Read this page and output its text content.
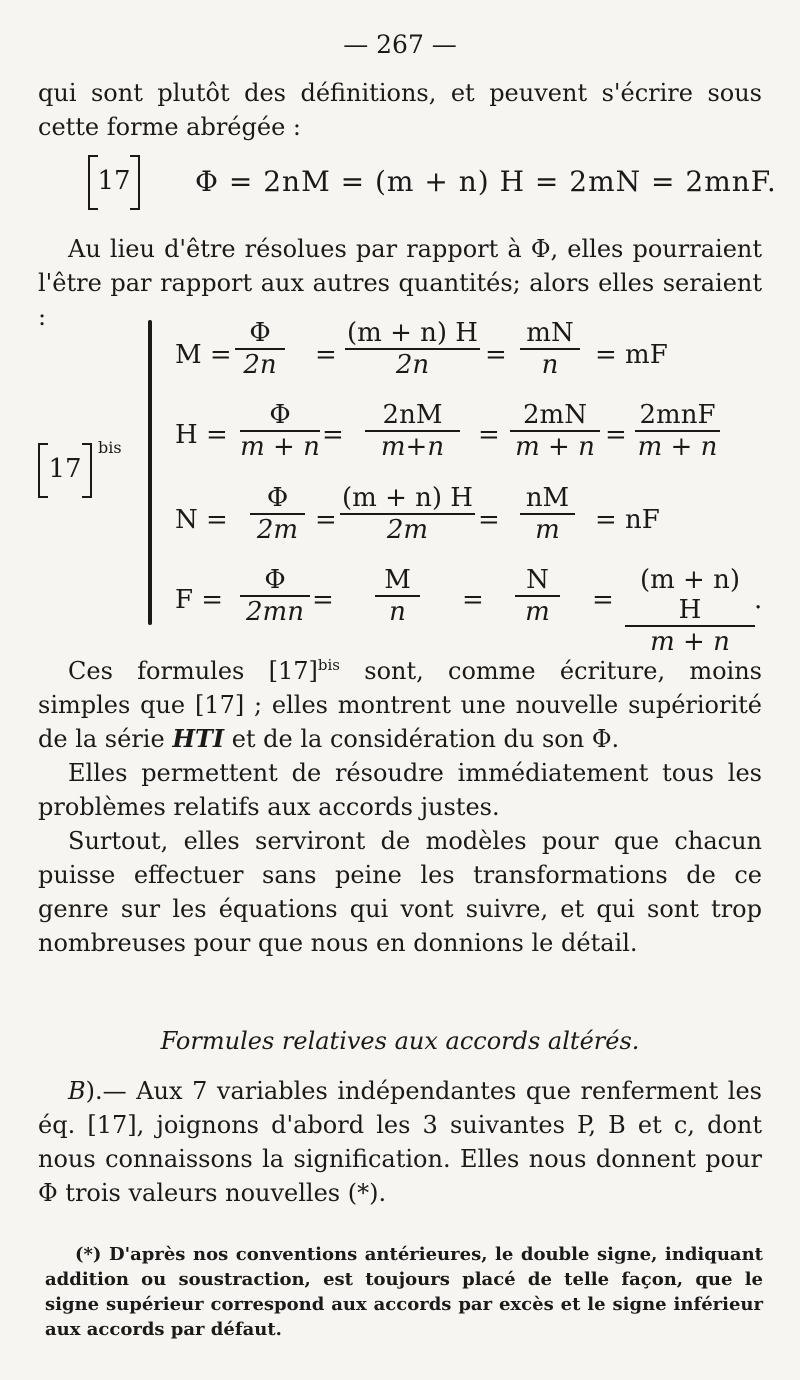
— 267 —
qui sont plutôt des définitions, et peuvent s'écrire sous cette forme abrégée :
17	Φ = 2nM = (m + n) H = 2mN = 2mnF.

Au lieu d'être résolues par rapport à Φ, elles pourraient l'être par rapport aux autres quantités; alors elles seraient :

17
bis
$M = \frac{\Phi}{2n} = \frac{(m + n) H}{2n} = \frac{mN}{n}$ = mF
$H = \frac{\Phi}{m + n} = \frac{2nM}{m+n} = \frac{2mN}{m + n}$ =
2mnF
m + n
$N = \frac{\Phi}{2m} = \frac{(m + n) H}{2m} = \frac{nM}{m}$ = nF
$F = \frac{\Phi}{2mn} = \frac{M}{n} = \frac{N}{m} = \frac{(m + n) H}{m + n}$ .

Ces formules $[17]^{bis}$ sont, comme écriture, moins simples que [17] ; elles montrent une nouvelle supériorité de la série HTI et de la considération du son Φ.

Elles permettent de résoudre immédiatement tous les problèmes relatifs aux accords justes.

Surtout, elles serviront de modèles pour que chacun puisse effectuer sans peine les transformations de ce genre sur les équations qui vont suivre, et qui sont trop nombreuses pour que nous en donnions le détail.

Formules relatives aux accords altérés.

B).— Aux 7 variables indépendantes que renferment les éq. [17], joignons d'abord les 3 suivantes P, B et c, dont nous connaissons la signification. Elles nous donnent pour Φ trois valeurs nouvelles (*).

(*) D'après nos conventions antérieures, le double signe, indiquant addition ou soustraction, est toujours placé de telle façon, que le signe supérieur correspond aux accords par excès et le signe inférieur aux accords par défaut.
